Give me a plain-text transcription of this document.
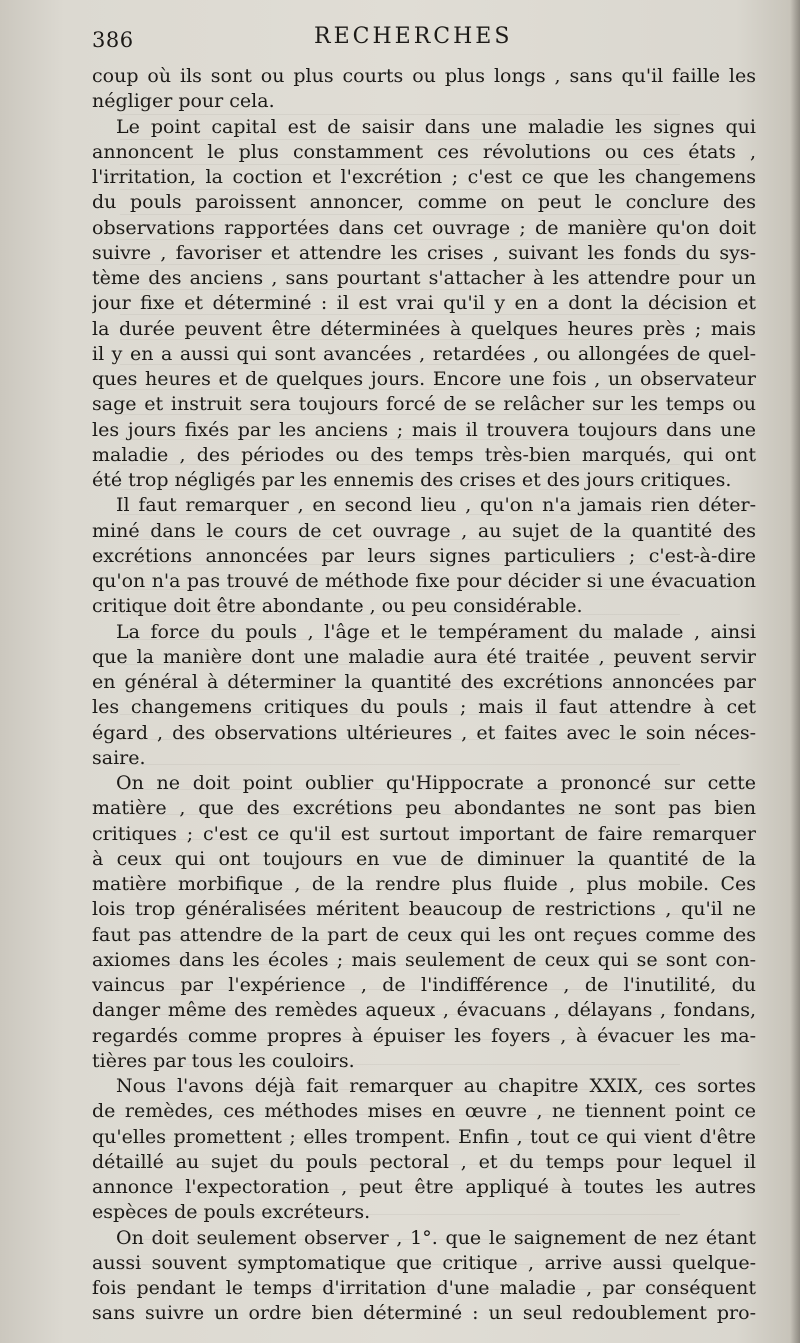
386	RECHERCHES
coup où ils sont ou plus courts ou plus longs , sans qu'il faille les
négliger pour cela.
Le point capital est de saisir dans une maladie les signes qui
annoncent le plus constamment ces révolutions ou ces états ,
l'irritation, la coction et l'excrétion ; c'est ce que les changemens
du pouls paroissent annoncer, comme on peut le conclure des
observations rapportées dans cet ouvrage ; de manière qu'on doit
suivre , favoriser et attendre les crises , suivant les fonds du sys-
tème des anciens , sans pourtant s'attacher à les attendre pour un
jour fixe et déterminé : il est vrai qu'il y en a dont la décision et
la durée peuvent être déterminées à quelques heures près ; mais
il y en a aussi qui sont avancées , retardées , ou allongées de quel-
ques heures et de quelques jours. Encore une fois , un observateur
sage et instruit sera toujours forcé de se relâcher sur les temps ou
les jours fixés par les anciens ; mais il trouvera toujours dans une
maladie , des périodes ou des temps très-bien marqués, qui ont
été trop négligés par les ennemis des crises et des jours critiques.
Il faut remarquer , en second lieu , qu'on n'a jamais rien déter-
miné dans le cours de cet ouvrage , au sujet de la quantité des
excrétions annoncées par leurs signes particuliers ; c'est-à-dire
qu'on n'a pas trouvé de méthode fixe pour décider si une évacuation
critique doit être abondante , ou peu considérable.
La force du pouls , l'âge et le tempérament du malade , ainsi
que la manière dont une maladie aura été traitée , peuvent servir
en général à déterminer la quantité des excrétions annoncées par
les changemens critiques du pouls ; mais il faut attendre à cet
égard , des observations ultérieures , et faites avec le soin néces-
saire.
On ne doit point oublier qu'Hippocrate a prononcé sur cette
matière , que des excrétions peu abondantes ne sont pas bien
critiques ; c'est ce qu'il est surtout important de faire remarquer
à ceux qui ont toujours en vue de diminuer la quantité de la
matière morbifique , de la rendre plus fluide , plus mobile. Ces
lois trop généralisées méritent beaucoup de restrictions , qu'il ne
faut pas attendre de la part de ceux qui les ont reçues comme des
axiomes dans les écoles ; mais seulement de ceux qui se sont con-
vaincus par l'expérience , de l'indifférence , de l'inutilité, du
danger même des remèdes aqueux , évacuans , délayans , fondans,
regardés comme propres à épuiser les foyers , à évacuer les ma-
tières par tous les couloirs.
Nous l'avons déjà fait remarquer au chapitre XXIX, ces sortes
de remèdes, ces méthodes mises en œuvre , ne tiennent point ce
qu'elles promettent ; elles trompent. Enfin , tout ce qui vient d'être
détaillé au sujet du pouls pectoral , et du temps pour lequel il
annonce l'expectoration , peut être appliqué à toutes les autres
espèces de pouls excréteurs.
On doit seulement observer , 1°. que le saignement de nez étant
aussi souvent symptomatique que critique , arrive aussi quelque-
fois pendant le temps d'irritation d'une maladie , par conséquent
sans suivre un ordre bien déterminé : un seul redoublement pro-
